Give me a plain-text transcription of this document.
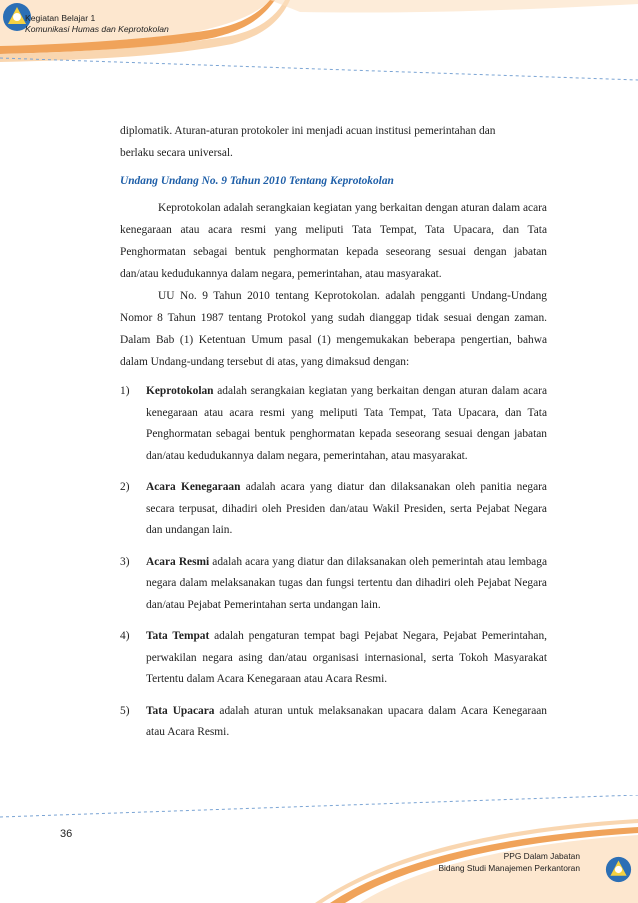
Kegiatan Belajar 1
Komunikasi Humas dan Keprotokolan

diplomatik. Aturan-aturan protokoler ini menjadi acuan institusi pemerintahan dan

berlaku secara universal.

Undang Undang No. 9 Tahun 2010 Tentang Keprotokolan

Keprotokolan adalah serangkaian kegiatan yang berkaitan dengan aturan dalam acara kenegaraan atau acara resmi yang meliputi Tata Tempat, Tata Upacara, dan Tata Penghormatan sebagai bentuk penghormatan kepada seseorang sesuai dengan jabatan dan/atau kedudukannya dalam negara, pemerintahan, atau masyarakat.

UU No. 9 Tahun 2010 tentang Keprotokolan. adalah pengganti Undang-Undang Nomor 8 Tahun 1987 tentang Protokol yang sudah dianggap tidak sesuai dengan zaman. Dalam Bab (1) Ketentuan Umum pasal (1) mengemukakan beberapa pengertian, bahwa dalam Undang-undang tersebut di atas, yang dimaksud dengan:

1) Keprotokolan adalah serangkaian kegiatan yang berkaitan dengan aturan dalam acara kenegaraan atau acara resmi yang meliputi Tata Tempat, Tata Upacara, dan Tata Penghormatan sebagai bentuk penghormatan kepada seseorang sesuai dengan jabatan dan/atau kedudukannya dalam negara, pemerintahan, atau masyarakat.
2) Acara Kenegaraan adalah acara yang diatur dan dilaksanakan oleh panitia negara secara terpusat, dihadiri oleh Presiden dan/atau Wakil Presiden, serta Pejabat Negara dan undangan lain.
3) Acara Resmi adalah acara yang diatur dan dilaksanakan oleh pemerintah atau lembaga negara dalam melaksanakan tugas dan fungsi tertentu dan dihadiri oleh Pejabat Negara dan/atau Pejabat Pemerintahan serta undangan lain.
4) Tata Tempat adalah pengaturan tempat bagi Pejabat Negara, Pejabat Pemerintahan, perwakilan negara asing dan/atau organisasi internasional, serta Tokoh Masyarakat Tertentu dalam Acara Kenegaraan atau Acara Resmi.
5) Tata Upacara adalah aturan untuk melaksanakan upacara dalam Acara Kenegaraan atau Acara Resmi.
36
PPG Dalam Jabatan
Bidang Studi Manajemen Perkantoran
